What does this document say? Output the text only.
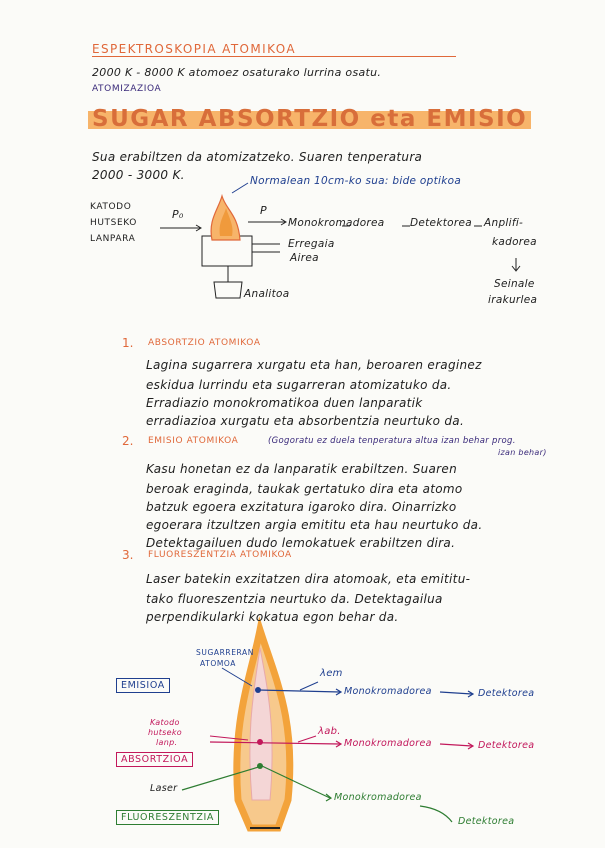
ESPEKTROSKOPIA ATOMIKOA
2000 K - 8000 K atomoez osaturako lurrina osatu.
ATOMIZAZIOA
SUGAR ABSORTZIO eta EMISIO
Sua erabiltzen da atomizatzeko. Suaren tenperatura
2000 - 3000 K.	Normalean 10cm-ko sua: bide optikoa
KATODO
HUTSEKO
LANPARA
P₀	P
Monokromadorea Detektorea Anplifi-
kadorea
Erregaia
Airea
Analitoa
Seinale
irakurlea
1. ABSORTZIO ATOMIKOA
Lagina sugarrera xurgatu eta han, beroaren eraginez
eskidua lurrindu eta sugarreran atomizatuko da.
Erradiazio monokromatikoa duen lanparatik
erradiazioa xurgatu eta absorbentzia neurtuko da.
2. EMISIO ATOMIKOA	(Gogoratu ez duela tenperatura altua izan behar prog.
izan behar)
Kasu honetan ez da lanparatik erabiltzen. Suaren
beroak eraginda, taukak gertatuko dira eta atomo
batzuk egoera exzitatura igaroko dira. Oinarrizko
egoerara itzultzen argia emititu eta hau neurtuko da.
Detektagailuen dudo lemokatuek erabiltzen dira.
3. FLUORESZENTZIA ATOMIKOA
Laser batekin exzitatzen dira atomoak, eta emititu-
tako fluoreszentzia neurtuko da. Detektagailua
perpendikularki kokatua egon behar da.
SUGARRERAN
ATOMOA
EMISIOA
λem
Monokromadorea	Detektorea
Katodo
hutseko
lanp.
λab.
Monokromadorea	Detektorea
ABSORTZIOA
Laser
Monokromadorea
FLUORESZENTZIA	Detektorea
